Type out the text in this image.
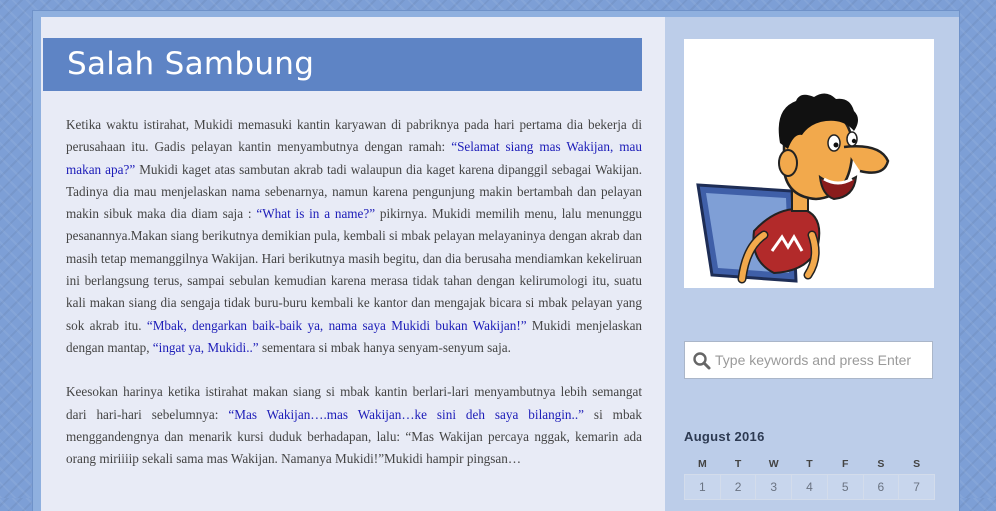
Salah Sambung

Ketika waktu istirahat, Mukidi memasuki kantin karyawan di pabriknya pada hari pertama dia bekerja di perusahaan itu. Gadis pelayan kantin menyambutnya dengan ramah: “Selamat siang mas Wakijan, mau makan apa?” Mukidi kaget atas sambutan akrab tadi walaupun dia kaget karena dipanggil sebagai Wakijan. Tadinya dia mau menjelaskan nama sebenarnya, namun karena pengunjung makin bertambah dan pelayan makin sibuk maka dia diam saja : “What is in a name?” pikirnya. Mukidi memilih menu, lalu menunggu pesanannya.Makan siang berikutnya demikian pula, kembali si mbak pelayan melayaninya dengan akrab dan masih tetap memanggilnya Wakijan. Hari berikutnya masih begitu, dan dia berusaha mendiamkan kekeliruan ini berlangsung terus, sampai sebulan kemudian karena merasa tidak tahan dengan kelirumologi itu, suatu kali makan siang dia sengaja tidak buru-buru kembali ke kantor dan mengajak bicara si mbak pelayan yang sok akrab itu. “Mbak, dengarkan baik-baik ya, nama saya Mukidi bukan Wakijan!” Mukidi menjelaskan dengan mantap, “ingat ya, Mukidi..” sementara si mbak hanya senyam-senyum saja.

Keesokan harinya ketika istirahat makan siang si mbak kantin berlari-lari menyambutnya lebih semangat dari hari-hari sebelumnya: “Mas Wakijan….mas Wakijan…ke sini deh saya bilangin..” si mbak menggandengnya dan menarik kursi duduk berhadapan, lalu: “Mas Wakijan percaya nggak, kemarin ada orang miriiiip sekali sama mas Wakijan. Namanya Mukidi!”Mukidi hampir pingsan…

Type keywords and press Enter
August 2016
M	T	W	T	F	S	S
1	2	3	4	5	6	7
